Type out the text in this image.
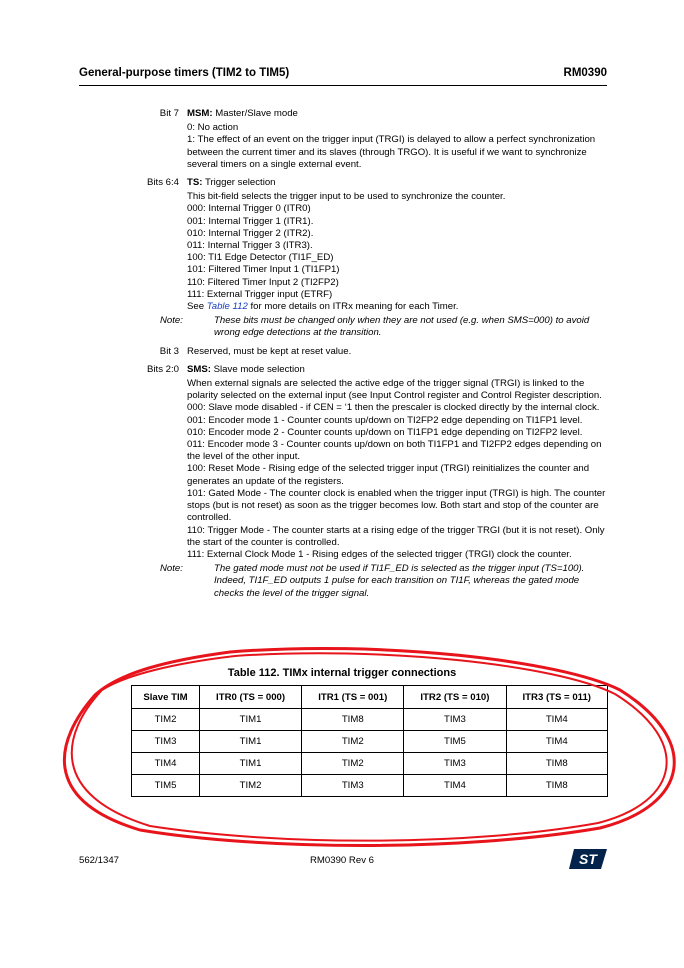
General-purpose timers (TIM2 to TIM5)	RM0390
Bit 7 MSM: Master/Slave mode

0: No action

1: The effect of an event on the trigger input (TRGI) is delayed to allow a perfect synchronization between the current timer and its slaves (through TRGO). It is useful if we want to synchronize several timers on a single external event.

Bits 6:4 TS: Trigger selection

This bit-field selects the trigger input to be used to synchronize the counter.

000: Internal Trigger 0 (ITR0)

001: Internal Trigger 1 (ITR1).

010: Internal Trigger 2 (ITR2).

011: Internal Trigger 3 (ITR3).

100: TI1 Edge Detector (TI1F_ED)

101: Filtered Timer Input 1 (TI1FP1)

110: Filtered Timer Input 2 (TI2FP2)

111: External Trigger input (ETRF)

See Table 112 for more details on ITRx meaning for each Timer.

Note:	These bits must be changed only when they are not used (e.g. when SMS=000) to avoid wrong edge detections at the transition.

Bit 3 Reserved, must be kept at reset value.
Bits 2:0 SMS: Slave mode selection

When external signals are selected the active edge of the trigger signal (TRGI) is linked to the polarity selected on the external input (see Input Control register and Control Register description.

000: Slave mode disabled - if CEN = ‘1 then the prescaler is clocked directly by the internal clock.

001: Encoder mode 1 - Counter counts up/down on TI2FP2 edge depending on TI1FP1 level.

010: Encoder mode 2 - Counter counts up/down on TI1FP1 edge depending on TI2FP2 level.

011: Encoder mode 3 - Counter counts up/down on both TI1FP1 and TI2FP2 edges depending on the level of the other input.

100: Reset Mode - Rising edge of the selected trigger input (TRGI) reinitializes the counter and generates an update of the registers.

101: Gated Mode - The counter clock is enabled when the trigger input (TRGI) is high. The counter stops (but is not reset) as soon as the trigger becomes low. Both start and stop of the counter are controlled.

110: Trigger Mode - The counter starts at a rising edge of the trigger TRGI (but it is not reset). Only the start of the counter is controlled.

111: External Clock Mode 1 - Rising edges of the selected trigger (TRGI) clock the counter.

Note:	The gated mode must not be used if TI1F_ED is selected as the trigger input (TS=100). Indeed, TI1F_ED outputs 1 pulse for each transition on TI1F, whereas the gated mode checks the level of the trigger signal.

Table 112. TIMx internal trigger connections
Slave TIM	ITR0 (TS = 000)	ITR1 (TS = 001)	ITR2 (TS = 010)	ITR3 (TS = 011)
TIM2	TIM1	TIM8	TIM3	TIM4
TIM3	TIM1	TIM2	TIM5	TIM4
TIM4	TIM1	TIM2	TIM3	TIM8
TIM5	TIM2	TIM3	TIM4	TIM8
562/1347	RM0390 Rev 6	ST
